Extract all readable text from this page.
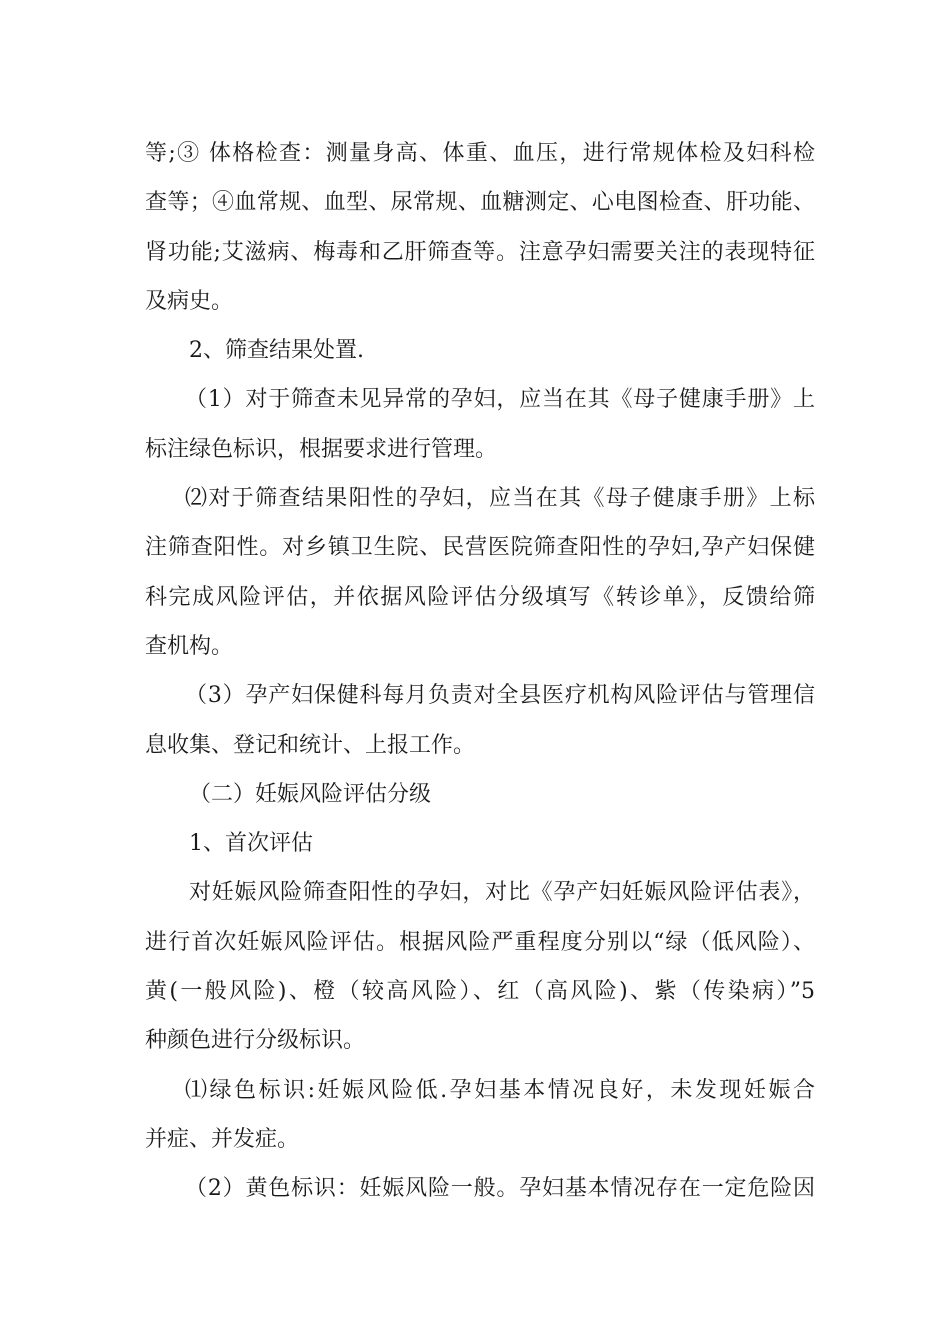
等;③ 体格检查：测量身高、体重、血压，进行常规体检及妇科检

查等；④血常规、血型、尿常规、血糖测定、心电图检查、肝功能、

肾功能;艾滋病、梅毒和乙肝筛查等。注意孕妇需要关注的表现特征

及病史。

2、筛查结果处置.

（1）对于筛查未见异常的孕妇，应当在其《母子健康手册》上

标注绿色标识，根据要求进行管理。

⑵对于筛查结果阳性的孕妇，应当在其《母子健康手册》上标

注筛查阳性。对乡镇卫生院、民营医院筛查阳性的孕妇,孕产妇保健

科完成风险评估，并依据风险评估分级填写《转诊单》，反馈给筛

查机构。

（3）孕产妇保健科每月负责对全县医疗机构风险评估与管理信

息收集、登记和统计、上报工作。

（二）妊娠风险评估分级

1、首次评估

对妊娠风险筛查阳性的孕妇，对比《孕产妇妊娠风险评估表》，

进行首次妊娠风险评估。根据风险严重程度分别以“绿（低风险）、

黄(一般风险)、橙（较高风险）、红（高风险)、紫（传染病）”5

种颜色进行分级标识。

⑴绿色标识:妊娠风险低.孕妇基本情况良好，未发现妊娠合

并症、并发症。

（2）黄色标识：妊娠风险一般。孕妇基本情况存在一定危险因
